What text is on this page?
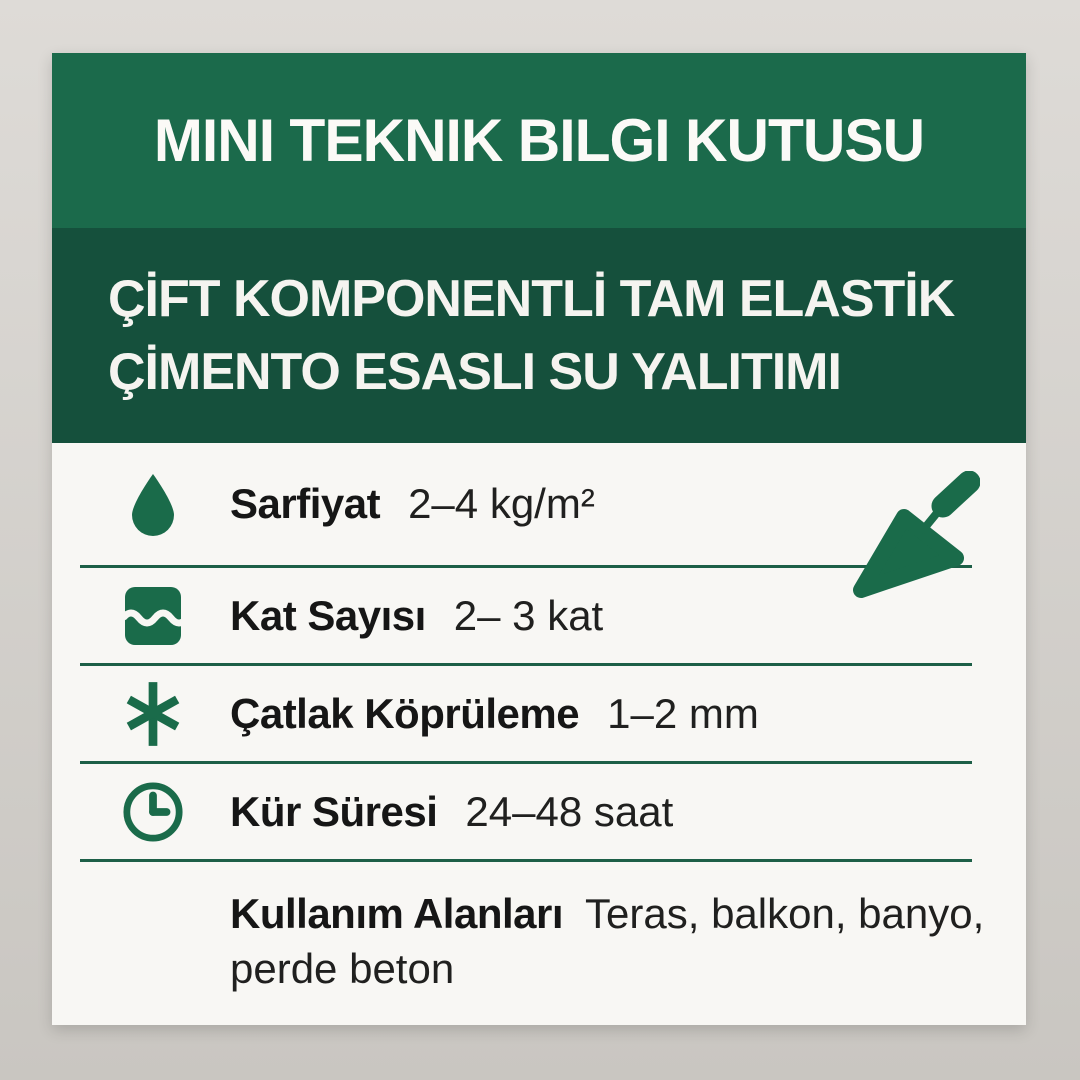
MINI TEKNIK BILGI KUTUSU
ÇİFT KOMPONENTLİ TAM ELASTİK
ÇİMENTO ESASLI SU YALITIMI
Sarfiyat 2–4 kg/m²
Kat Sayısı 2– 3 kat
Çatlak Köprüleme 1–2 mm
Kür Süresi 24–48 saat
Kullanım Alanları Teras, balkon, banyo, perde beton
